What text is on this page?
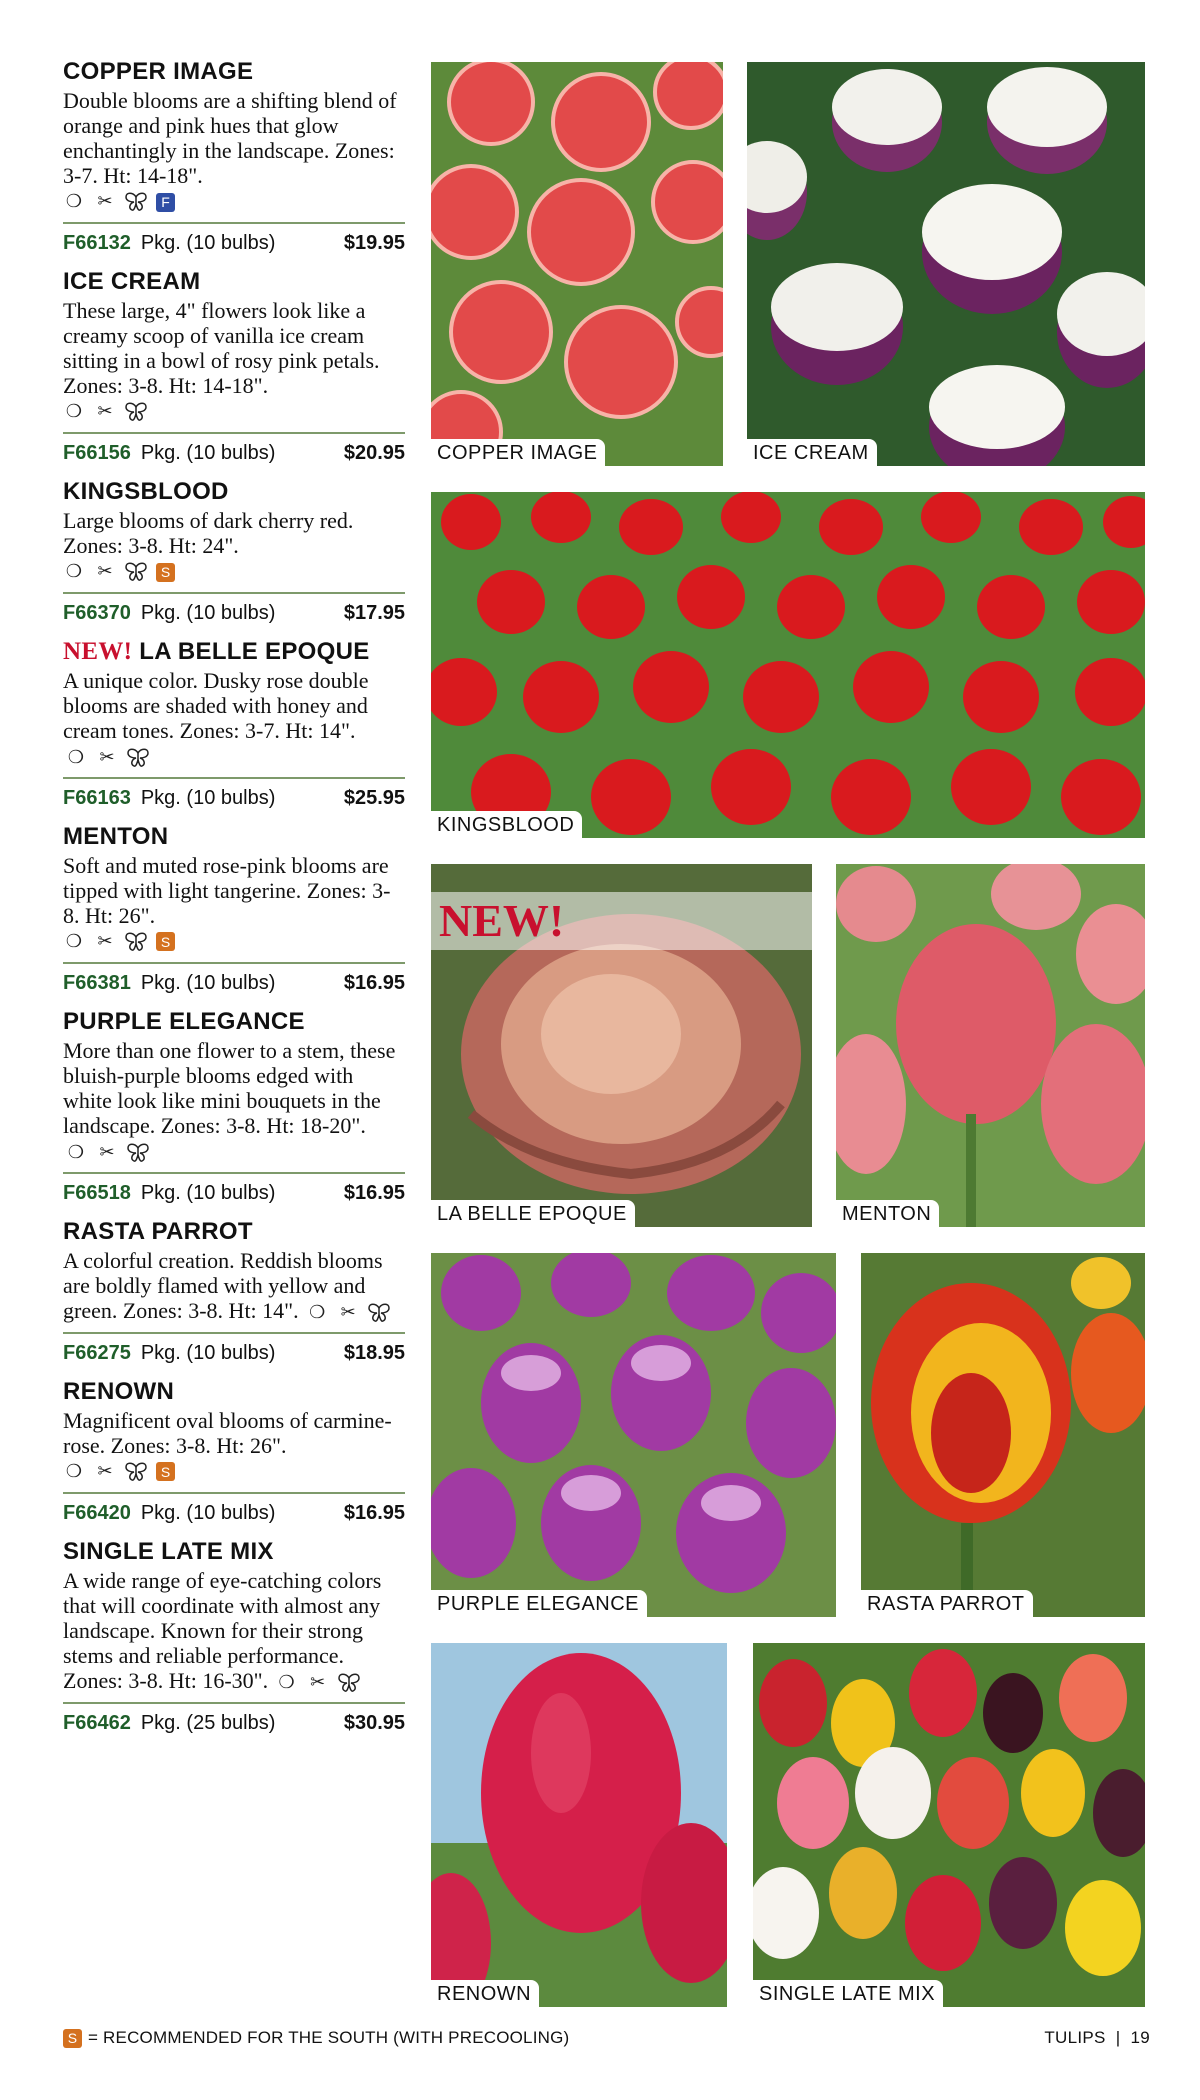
COPPER IMAGE

Double blooms are a shifting blend of orange and pink hues that glow enchantingly in the landscape. Zones: 3-7. Ht: 14-18".

❍ ✂	F
F66132 Pkg. (10 bulbs)	$19.95
ICE CREAM

These large, 4" flowers look like a creamy scoop of vanilla ice cream sitting in a bowl of rosy pink petals. Zones: 3-8. Ht: 14-18".

❍ ✂
F66156 Pkg. (10 bulbs)	$20.95
KINGSBLOOD

Large blooms of dark cherry red. Zones: 3-8. Ht: 24".

❍ ✂	S
F66370 Pkg. (10 bulbs)	$17.95
NEW! LA BELLE EPOQUE

A unique color. Dusky rose double blooms are shaded with honey and cream tones. Zones: 3-7. Ht: 14".
❍ ✂

F66163 Pkg. (10 bulbs)	$25.95
MENTON

Soft and muted rose-pink blooms are tipped with light tangerine. Zones: 3-8. Ht: 26".

❍ ✂	S
F66381 Pkg. (10 bulbs)	$16.95
PURPLE ELEGANCE

More than one flower to a stem, these bluish-purple blooms edged with white look like mini bouquets in the landscape. Zones: 3-8. Ht: 18-20".
❍ ✂

F66518 Pkg. (10 bulbs)	$16.95
RASTA PARROT

A colorful creation. Reddish blooms are boldly flamed with yellow and green. Zones: 3-8. Ht: 14". ❍ ✂

F66275 Pkg. (10 bulbs)	$18.95
RENOWN

Magnificent oval blooms of carmine-rose. Zones: 3-8. Ht: 26".

❍ ✂	S
F66420 Pkg. (10 bulbs)	$16.95
SINGLE LATE MIX

A wide range of eye-catching colors that will coordinate with almost any landscape. Known for their strong stems and reliable performance. Zones: 3-8. Ht: 16-30". ❍ ✂

F66462 Pkg. (25 bulbs)	$30.95
COPPER IMAGE	ICE CREAM
KINGSBLOOD
NEW!
LA BELLE EPOQUE	MENTON
PURPLE ELEGANCE	RASTA PARROT
RENOWN	SINGLE LATE MIX
S = RECOMMENDED FOR THE SOUTH (WITH PRECOOLING)	TULIPS  |  19
